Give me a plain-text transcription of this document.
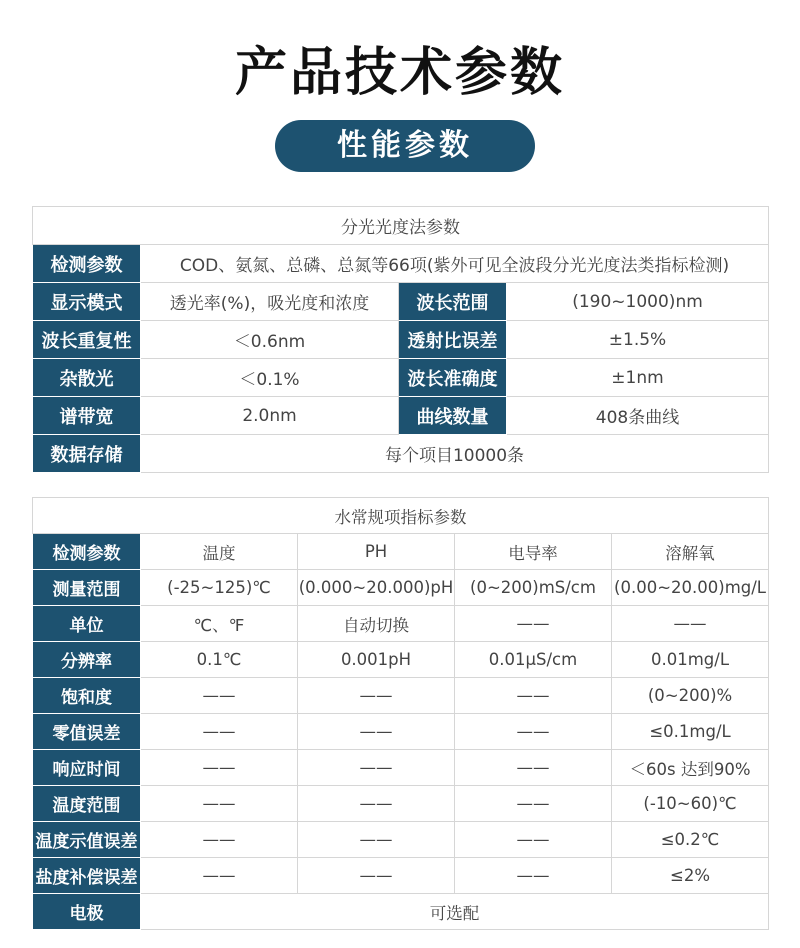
产品技术参数
性能参数
分光光度法参数			
检测参数	COD、氨氮、总磷、总氮等66项(紫外可见全波段分光光度法类指标检测)		
显示模式	透光率(%)，吸光度和浓度	波长范围	(190~1000)nm
波长重复性	＜0.6nm	透射比误差	±1.5%
杂散光	＜0.1%	波长准确度	±1nm
谱带宽	2.0nm	曲线数量	408条曲线
数据存储	每个项目10000条		
水常规项指标参数				
检测参数	温度	PH	电导率	溶解氧
测量范围	(-25~125)℃	(0.000~20.000)pH	(0~200)mS/cm	(0.00~20.00)mg/L
单位	℃、℉	自动切换	——	——
分辨率	0.1℃	0.001pH	0.01μS/cm	0.01mg/L
饱和度	——	——	——	(0~200)%
零值误差	——	——	——	≤0.1mg/L
响应时间	——	——	——	＜60s 达到90%
温度范围	——	——	——	(-10~60)℃
温度示值误差	——	——	——	≤0.2℃
盐度补偿误差	——	——	——	≤2%
电极	可选配			
